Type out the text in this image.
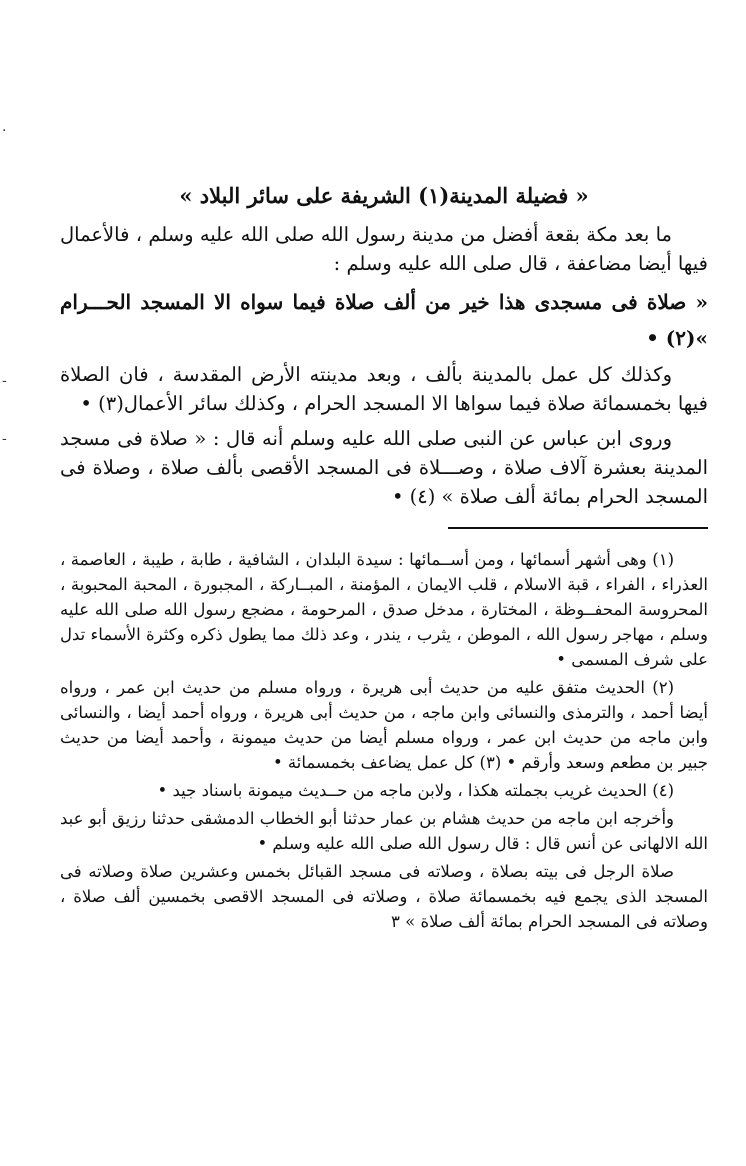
·
-
-
« فضيلة المدينة(١) الشريفة على سائر البلاد »

ما بعد مكة بقعة أفضل من مدينة رسول الله صلى الله عليه وسلم ، فالأعمال فيها أيضا مضاعفة ، قال صلى الله عليه وسلم :

« صلاة فى مسجدى هذا خير من ألف صلاة فيما سواه الا المسجد الحـــرام »(٢) •

وكذلك كل عمل بالمدينة بألف ، وبعد مدينته الأرض المقدسة ، فان الصلاة فيها بخمسمائة صلاة فيما سواها الا المسجد الحرام ، وكذلك سائر الأعمال(٣) •

وروى ابن عباس عن النبى صلى الله عليه وسلم أنه قال : « صلاة فى مسجد المدينة بعشرة آلاف صلاة ، وصـــلاة فى المسجد الأقصى بألف صلاة ، وصلاة فى المسجد الحرام بمائة ألف صلاة » (٤) •

(١) وهى أشهر أسمائها ، ومن أســمائها : سيدة البلدان ، الشافية ، طابة ، طيبة ، العاصمة ، العذراء ، الفراء ، قبة الاسلام ، قلب الايمان ، المؤمنة ، المبــاركة ، المجبورة ، المحبة المحبوبة ، المحروسة المحفــوظة ، المختارة ، مدخل صدق ، المرحومة ، مضجع رسول الله صلى الله عليه وسلم ، مهاجر رسول الله ، الموطن ، يثرب ، يندر ، وعد ذلك مما يطول ذكره وكثرة الأسماء تدل على شرف المسمى •

(٢) الحديث متفق عليه من حديث أبى هريرة ، ورواه مسلم من حديث ابن عمر ، ورواه أيضا أحمد ، والترمذى والنسائى وابن ماجه ، من حديث أبى هريرة ، ورواه أحمد أيضا ، والنسائى وابن ماجه من حديث ابن عمر ، ورواه مسلم أيضا من حديث ميمونة ، وأحمد أيضا من حديث جبير بن مطعم وسعد وأرقم • (٣) كل عمل يضاعف بخمسمائة •

(٤) الحديث غريب بجملته هكذا ، ولابن ماجه من حــديث ميمونة باسناد جيد •

وأخرجه ابن ماجه من حديث هشام بن عمار حدثنا أبو الخطاب الدمشقى حدثنا رزيق أبو عبد الله الالهانى عن أنس قال : قال رسول الله صلى الله عليه وسلم •

صلاة الرجل فى بيته بصلاة ، وصلاته فى مسجد القبائل بخمس وعشرين صلاة وصلاته فى المسجد الذى يجمع فيه بخمسمائة صلاة ، وصلاته فى المسجد الاقصى بخمسين ألف صلاة ، وصلاته فى المسجد الحرام بمائة ألف صلاة » ٣
